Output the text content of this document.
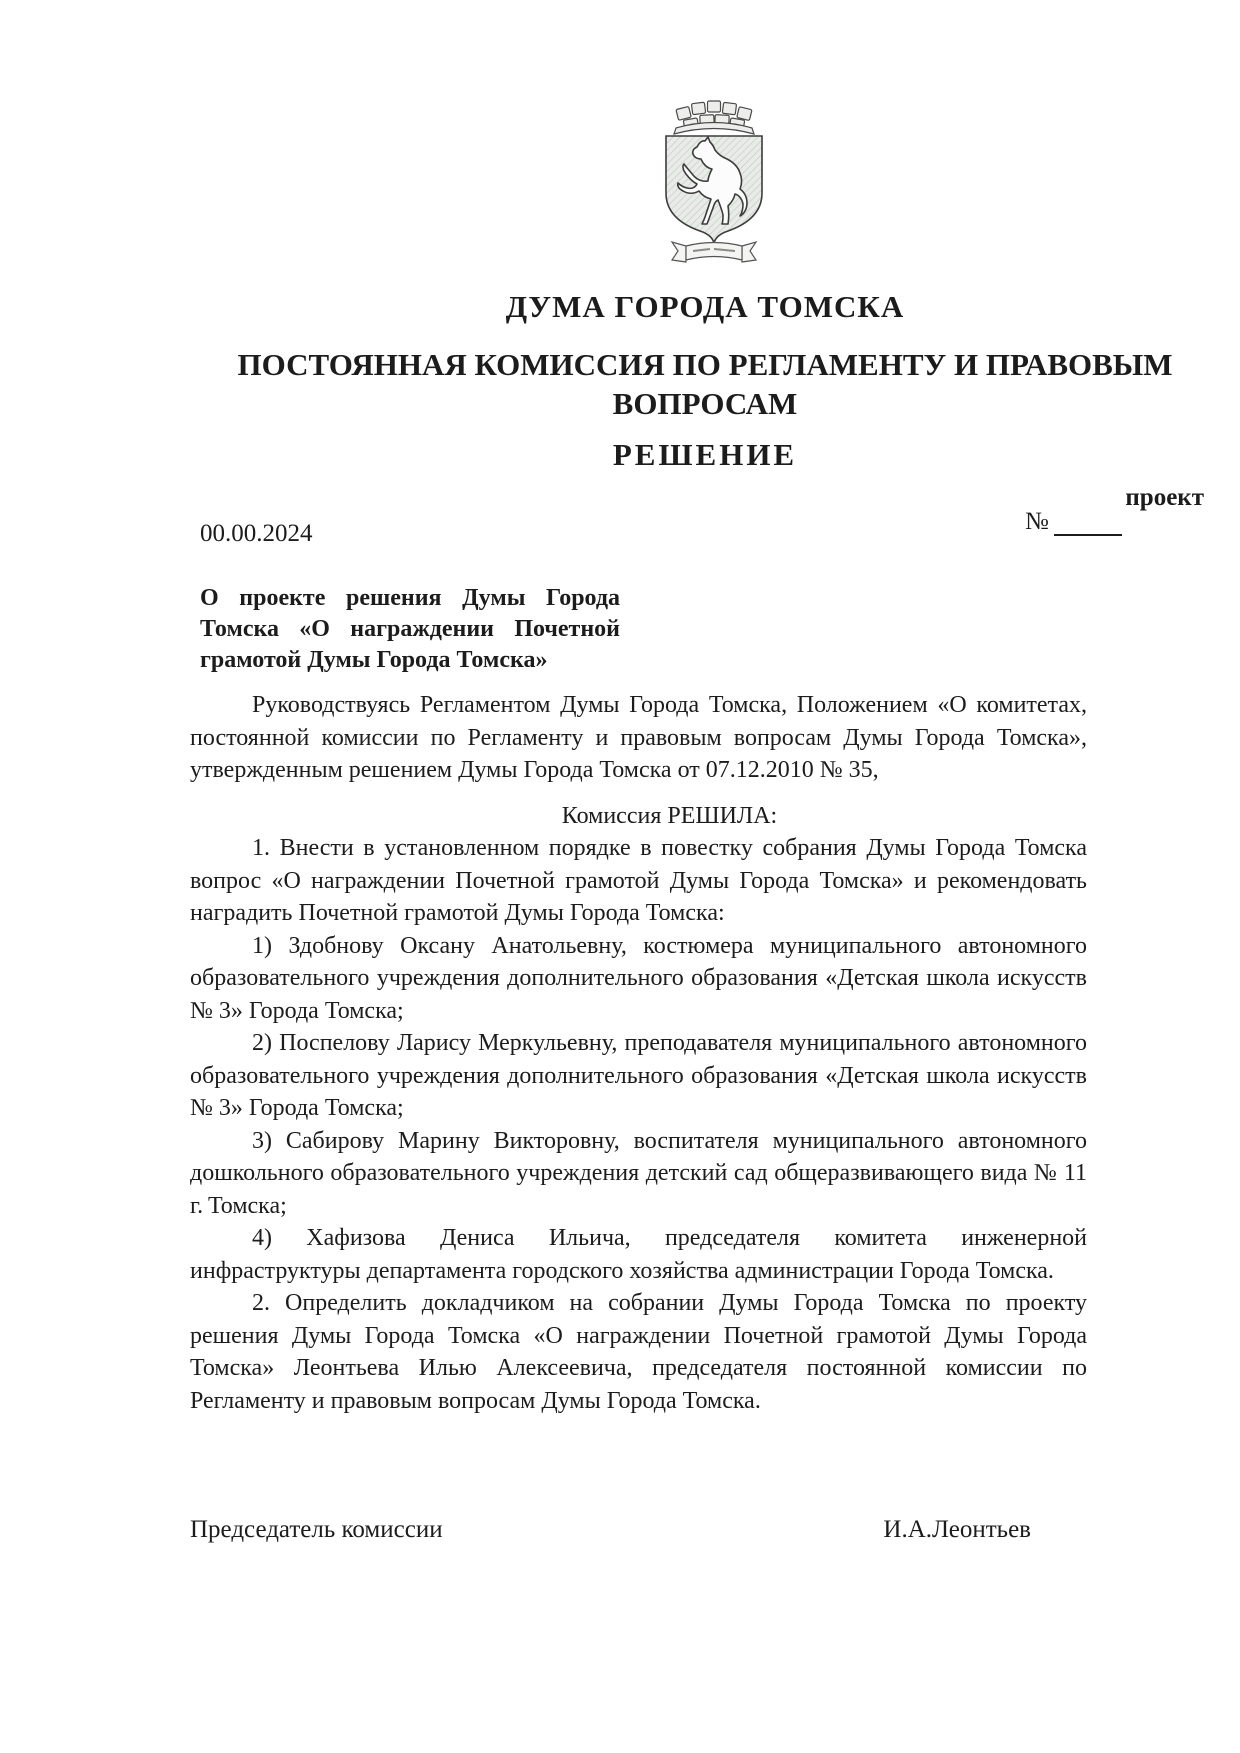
ДУМА ГОРОДА ТОМСКА
ПОСТОЯННАЯ КОМИССИЯ ПО РЕГЛАМЕНТУ И ПРАВОВЫМ
ВОПРОСАМ
РЕШЕНИЕ
проект
№
00.00.2024
О проекте решения Думы Города
Томска «О награждении Почетной
грамотой Думы Города Томска»

Руководствуясь Регламентом Думы Города Томска, Положением «О комитетах, постоянной комиссии по Регламенту и правовым вопросам Думы Города Томска», утвержденным решением Думы Города Томска от 07.12.2010 № 35,

Комиссия РЕШИЛА:

1. Внести в установленном порядке в повестку собрания Думы Города Томска вопрос «О награждении Почетной грамотой Думы Города Томска» и рекомендовать наградить Почетной грамотой Думы Города Томска:

1) Здобнову Оксану Анатольевну, костюмера муниципального автономного образовательного учреждения дополнительного образования «Детская школа искусств № 3» Города Томска;

2) Поспелову Ларису Меркульевну, преподавателя муниципального автономного образовательного учреждения дополнительного образования «Детская школа искусств № 3» Города Томска;

3) Сабирову Марину Викторовну, воспитателя муниципального автономного дошкольного образовательного учреждения детский сад общеразвивающего вида № 11 г. Томска;

4) Хафизова Дениса Ильича, председателя комитета инженерной инфраструктуры департамента городского хозяйства администрации Города Томска.

2. Определить докладчиком на собрании Думы Города Томска по проекту решения Думы Города Томска «О награждении Почетной грамотой Думы Города Томска» Леонтьева Илью Алексеевича, председателя постоянной комиссии по Регламенту и правовым вопросам Думы Города Томска.

Председатель комиссии	И.А.Леонтьев
